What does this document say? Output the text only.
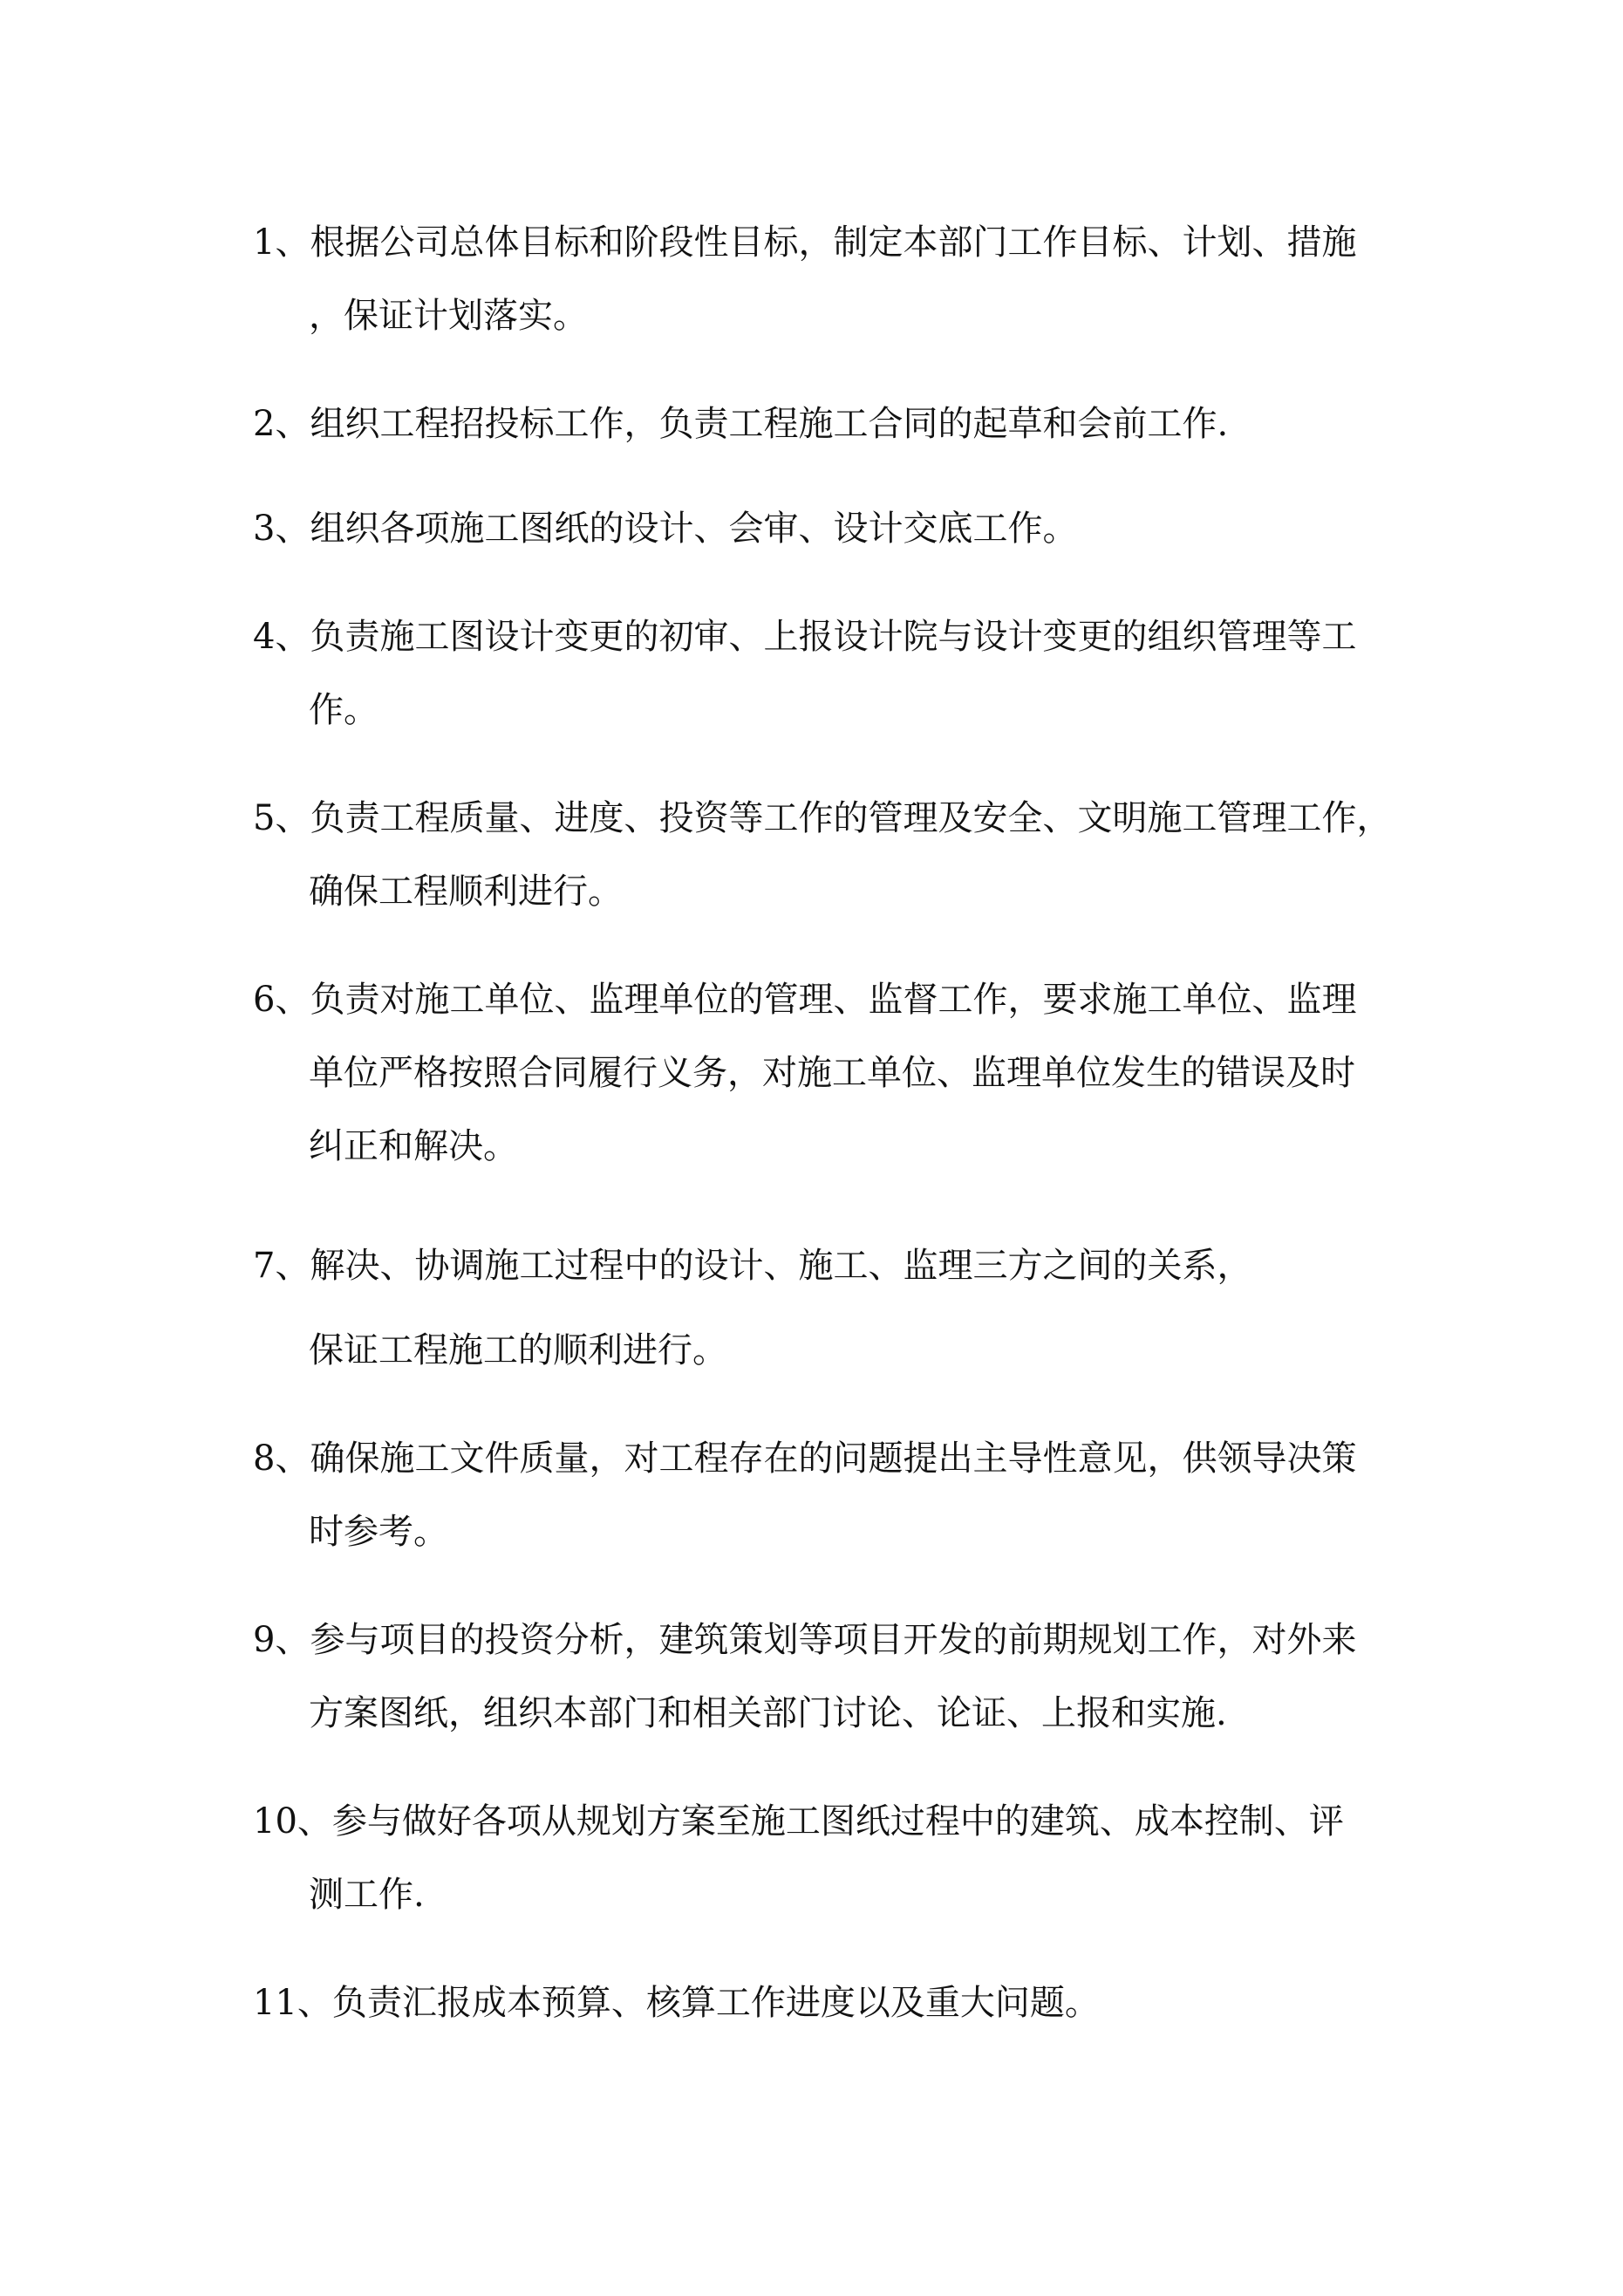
1、根据公司总体目标和阶段性目标，制定本部门工作目标、计划、措施
，保证计划落实。
2、组织工程招投标工作，负责工程施工合同的起草和会前工作.
3、组织各项施工图纸的设计、会审、设计交底工作。
4、负责施工图设计变更的初审、上报设计院与设计变更的组织管理等工
作。
5、负责工程质量、进度、投资等工作的管理及安全、文明施工管理工作，
确保工程顺利进行。
6、负责对施工单位、监理单位的管理、监督工作，要求施工单位、监理
单位严格按照合同履行义务，对施工单位、监理单位发生的错误及时
纠正和解决。
7、解决、协调施工过程中的设计、施工、监理三方之间的关系，
保证工程施工的顺利进行。
8、确保施工文件质量，对工程存在的问题提出主导性意见，供领导决策
时参考。
9、参与项目的投资分析，建筑策划等项目开发的前期规划工作，对外来
方案图纸，组织本部门和相关部门讨论、论证、上报和实施.
10、参与做好各项从规划方案至施工图纸过程中的建筑、成本控制、评
测工作.
11、负责汇报成本预算、核算工作进度以及重大问题。
